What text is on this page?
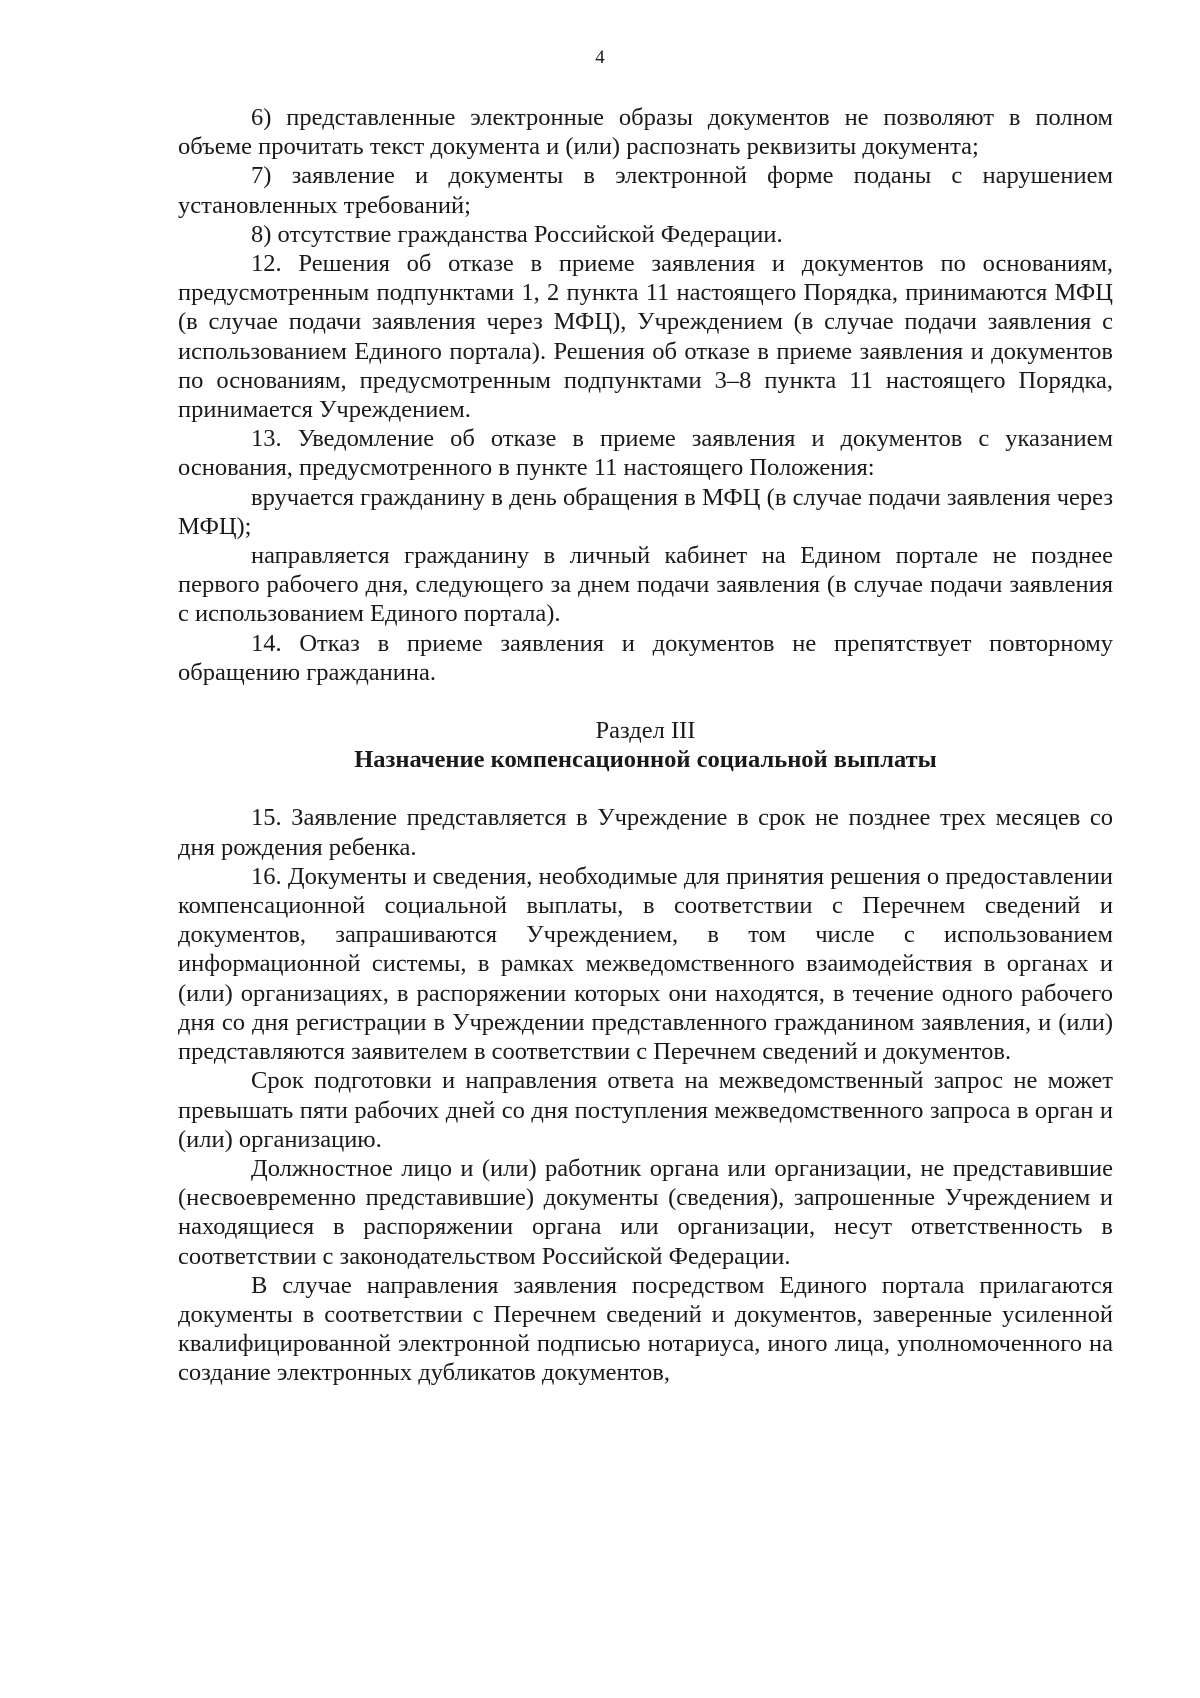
4

6) представленные электронные образы документов не позволяют в полном объеме прочитать текст документа и (или) распознать реквизиты документа;

7) заявление и документы в электронной форме поданы с нарушением установленных требований;

8) отсутствие гражданства Российской Федерации.

12. Решения об отказе в приеме заявления и документов по основаниям, предусмотренным подпунктами 1, 2 пункта 11 настоящего Порядка, принимаются МФЦ (в случае подачи заявления через МФЦ), Учреждением (в случае подачи заявления с использованием Единого портала). Решения об отказе в приеме заявления и документов по основаниям, предусмотренным подпунктами 3–8 пункта 11 настоящего Порядка, принимается Учреждением.

13. Уведомление об отказе в приеме заявления и документов с указанием основания, предусмотренного в пункте 11 настоящего Положения:

вручается гражданину в день обращения в МФЦ (в случае подачи заявления через МФЦ);

направляется гражданину в личный кабинет на Едином портале не позднее первого рабочего дня, следующего за днем подачи заявления (в случае подачи заявления с использованием Единого портала).

14. Отказ в приеме заявления и документов не препятствует повторному обращению гражданина.

Раздел III
Назначение компенсационной социальной выплаты

15. Заявление представляется в Учреждение в срок не позднее трех месяцев со дня рождения ребенка.

16. Документы и сведения, необходимые для принятия решения о предоставлении компенсационной социальной выплаты, в соответствии с Перечнем сведений и документов, запрашиваются Учреждением, в том числе с использованием информационной системы, в рамках межведомственного взаимодействия в органах и (или) организациях, в распоряжении которых они находятся, в течение одного рабочего дня со дня регистрации в Учреждении представленного гражданином заявления, и (или) представляются заявителем в соответствии с Перечнем сведений и документов.

Срок подготовки и направления ответа на межведомственный запрос не может превышать пяти рабочих дней со дня поступления межведомственного запроса в орган и (или) организацию.

Должностное лицо и (или) работник органа или организации, не представившие (несвоевременно представившие) документы (сведения), запрошенные Учреждением и находящиеся в распоряжении органа или организации, несут ответственность в соответствии с законодательством Российской Федерации.

В случае направления заявления посредством Единого портала прилагаются документы в соответствии с Перечнем сведений и документов, заверенные усиленной квалифицированной электронной подписью нотариуса, иного лица, уполномоченного на создание электронных дубликатов документов,
